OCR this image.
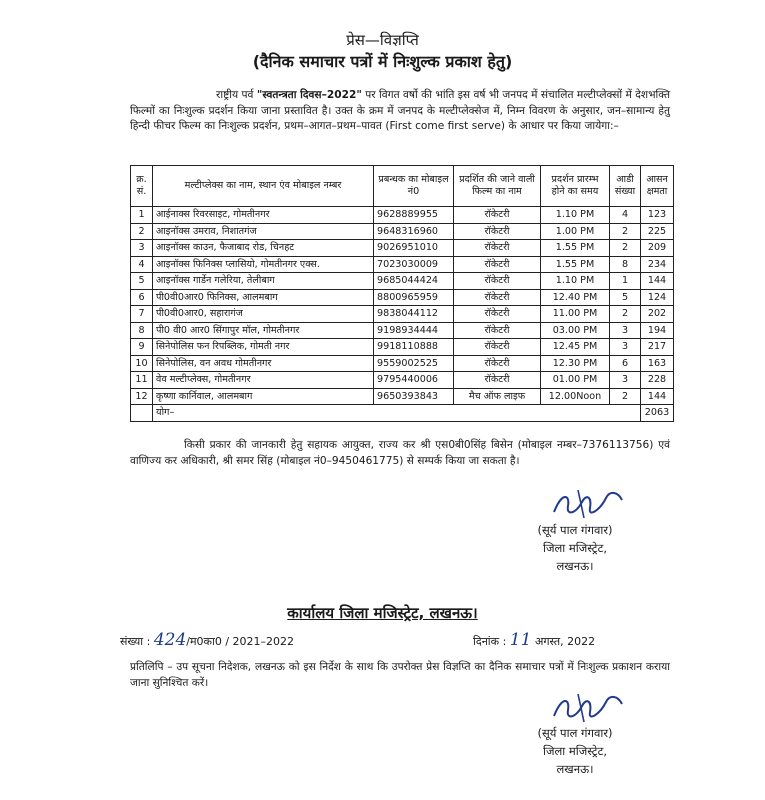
प्रेस—विज्ञप्ति
(दैनिक समाचार पत्रों में निःशुल्क प्रकाश हेतु)
राष्ट्रीय पर्व "स्वतन्त्रता दिवस–2022" पर विगत वर्षो की भांति इस वर्ष भी जनपद में संचालित मल्टीप्लेक्सों में देशभक्ति फिल्मों का निःशुल्क प्रदर्शन किया जाना प्रस्तावित है। उक्त के क्रम में जनपद के मल्टीप्लेक्सेज में, निम्न विवरण के अनुसार, जन–सामान्य हेतु हिन्दी फीचर फिल्म का निःशुल्क प्रदर्शन, प्रथम–आगत–प्रथम–पावत (First come first serve) के आधार पर किया जायेगा:–
क्र. सं.	मल्टीप्लेक्स का नाम, स्थान एंव मोबाइल नम्बर	प्रबन्धक का मोबाइल नं0	प्रदर्शित की जाने वाली फिल्म का नाम	प्रदर्शन प्रारम्भ होने का समय	आडी संख्या	आसन क्षमता
1	आईनाक्स रिवरसाइट, गोमतीनगर	9628889955	रॉकेटरी	1.10 PM	4	123
2	आइनॉक्स उमराव, निशातगंज	9648316960	रॉकेटरी	1.00 PM	2	225
3	आइनॉक्स काउन, फैजाबाद रोड, चिनहट	9026951010	रॉकेटरी	1.55 PM	2	209
4	आइनॉक्स फिनिक्स प्लासियो, गोमतीनगर एक्स.	7023030009	रॉकेटरी	1.55 PM	8	234
5	आइनॉक्स गार्डेन गलेरिया, तेलीबाग	9685044424	रॉकेटरी	1.10 PM	1	144
6	पी0वी0आर0 फिनिक्स, आलमबाग	8800965959	रॉकेटरी	12.40 PM	5	124
7	पी0वी0आर0, सहारागंज	9838044112	रॉकेटरी	11.00 PM	2	202
8	पी0 वी0 आर0 सिंगापुर मॉल, गोमतीनगर	9198934444	रॉकेटरी	03.00 PM	3	194
9	सिनेपोलिस फन रिपब्लिक, गोमती नगर	9918110888	रॉकेटरी	12.45 PM	3	217
10	सिनेपोलिस, वन अवध गोमतीनगर	9559002525	रॉकेटरी	12.30 PM	6	163
11	वेव मल्टीप्लेक्स, गोमतीनगर	9795440006	रॉकेटरी	01.00 PM	3	228
12	कृष्णा कार्निवाल, आलमबाग	9650393843	मैच ऑफ लाइफ	12.00Noon	2	144
	योग–					2063
किसी प्रकार की जानकारी हेतु सहायक आयुक्त, राज्य कर श्री एस0बी0सिंह बिसेन (मोबाइल नम्बर–7376113756) एवं वाणिज्य कर अधिकारी, श्री समर सिंह (मोबाइल नं0–9450461775) से सम्पर्क किया जा सकता है।
(सूर्य पाल गंगवार)
जिला मजिस्ट्रेट,
लखनऊ।
कार्यालय जिला मजिस्ट्रेट, लखनऊ।
संख्या : 424/म0का0 / 2021–2022	दिनांक : 11 अगस्त, 2022
प्रतिलिपि – उप सूचना निदेशक, लखनऊ को इस निर्देश के साथ कि उपरोक्त प्रेस विज्ञप्ति का दैनिक समाचार पत्रों में निःशुल्क प्रकाशन कराया जाना सुनिश्चित करें।
(सूर्य पाल गंगवार)
जिला मजिस्ट्रेट,
लखनऊ।
